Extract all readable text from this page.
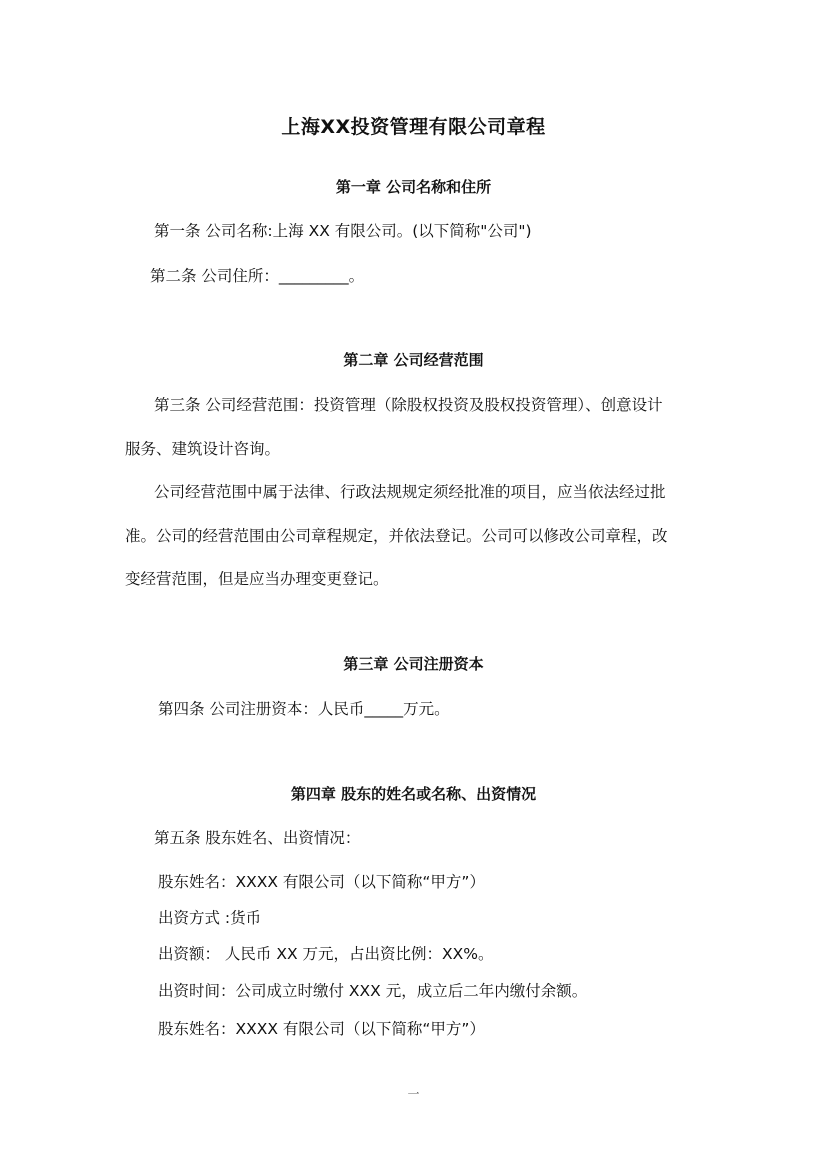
上海XX投资管理有限公司章程
第一章 公司名称和住所
第一条 公司名称:上海 XX 有限公司。(以下简称"公司")
第二条 公司住所：_________。
第二章 公司经营范围
第三条 公司经营范围：投资管理（除股权投资及股权投资管理）、创意设计
服务、建筑设计咨询。
公司经营范围中属于法律、行政法规规定须经批准的项目，应当依法经过批
准。公司的经营范围由公司章程规定，并依法登记。公司可以修改公司章程，改
变经营范围，但是应当办理变更登记。
第三章 公司注册资本
第四条 公司注册资本：人民币_____万元。
第四章 股东的姓名或名称、出资情况
第五条 股东姓名、出资情况：
股东姓名：XXXX 有限公司（以下简称“甲方”）
出资方式 :货币
出资额： 人民币 XX 万元，占出资比例：XX%。
出资时间：公司成立时缴付 XXX 元，成立后二年内缴付余额。
股东姓名：XXXX 有限公司（以下简称“甲方”）
一
